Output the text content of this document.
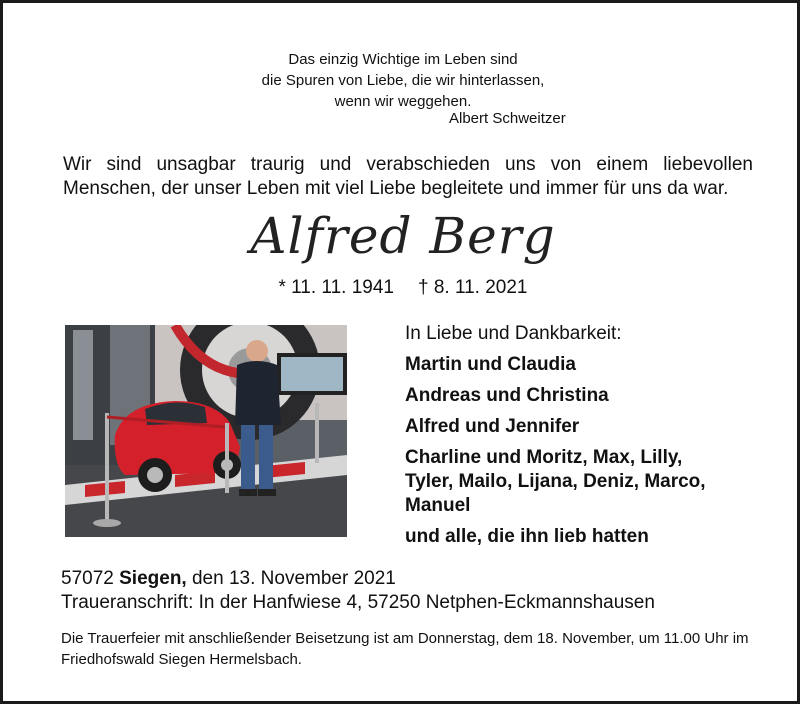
Das einzig Wichtige im Leben sind
die Spuren von Liebe, die wir hinterlassen,
wenn wir weggehen.
Albert Schweitzer
Wir sind unsagbar traurig und verabschieden uns von einem liebevollen Menschen, der unser Leben mit viel Liebe begleitete und immer für uns da war.
Alfred Berg
* 11. 11. 1941 † 8. 11. 2021
In Liebe und Dankbarkeit:
Martin und Claudia
Andreas und Christina
Alfred und Jennifer
Charline und Moritz, Max, Lilly, Tyler, Mailo, Lijana, Deniz, Marco, Manuel
und alle, die ihn lieb hatten
57072 Siegen, den 13. November 2021
Traueranschrift: In der Hanfwiese 4, 57250 Netphen-Eckmannshausen
Die Trauerfeier mit anschließender Beisetzung ist am Donnerstag, dem 18. November, um 11.00 Uhr im Friedhofswald Siegen Hermelsbach.
